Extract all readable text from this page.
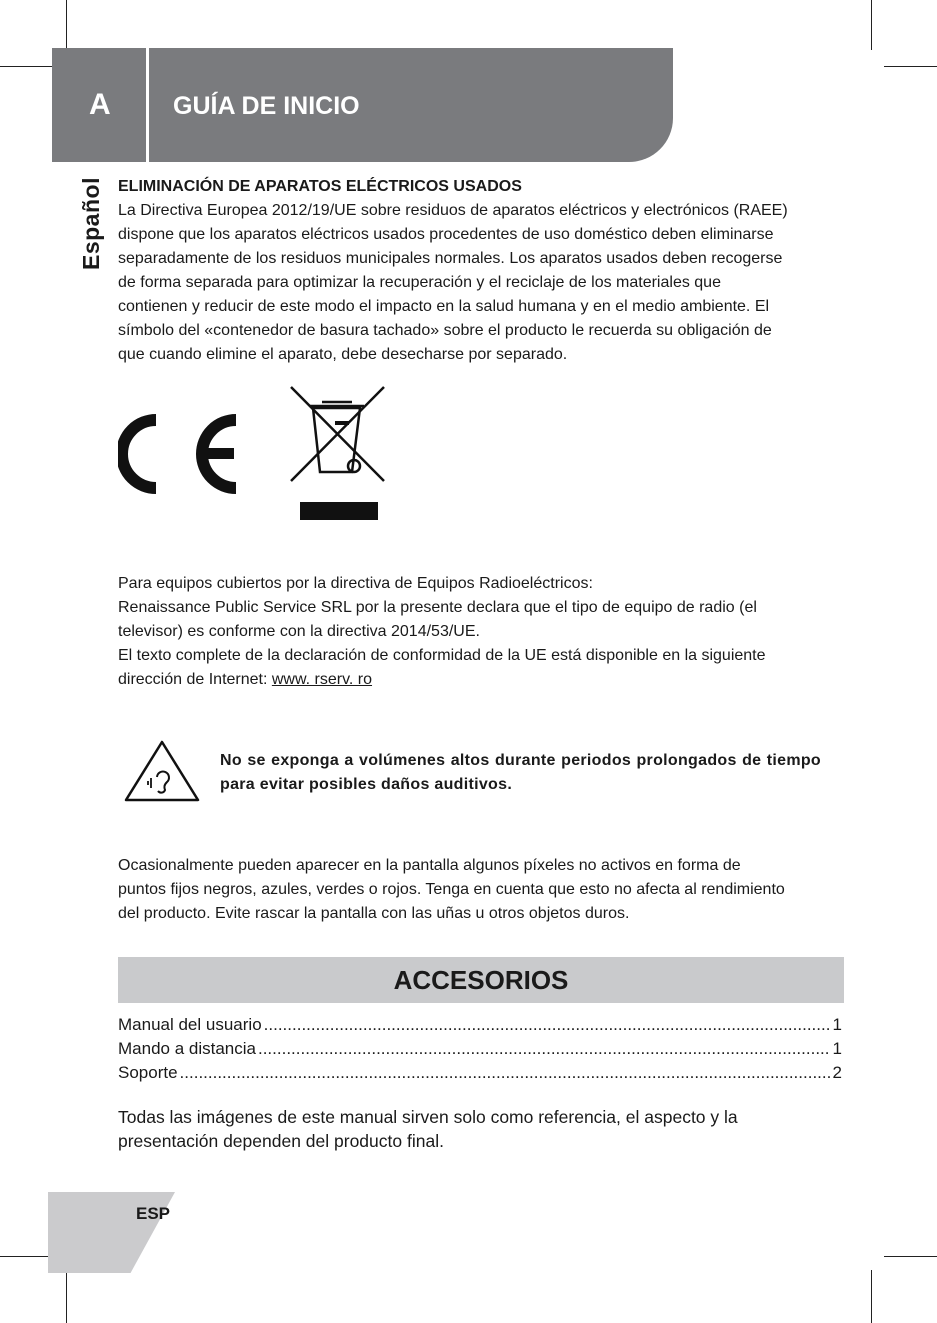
A GUÍA DE INICIO
Español ELIMINACIÓN DE APARATOS ELÉCTRICOS USADOS
La Directiva Europea 2012/19/UE sobre residuos de aparatos eléctricos y electrónicos (RAEE)
dispone que los aparatos eléctricos usados procedentes de uso doméstico deben eliminarse
separadamente de los residuos municipales normales. Los aparatos usados deben recogerse
de forma separada para optimizar la recuperación y el reciclaje de los materiales que
contienen y reducir de este modo el impacto en la salud humana y en el medio ambiente. El
símbolo del «contenedor de basura tachado» sobre el producto le recuerda su obligación de
que cuando elimine el aparato, debe desecharse por separado.
Para equipos cubiertos por la directiva de Equipos Radioeléctricos:
Renaissance Public Service SRL por la presente declara que el tipo de equipo de radio (el
televisor) es conforme con la directiva 2014/53/UE.
El texto complete de la declaración de conformidad de la UE está disponible en la siguiente
dirección de Internet: www. rserv. ro
No se exponga a volúmenes altos durante periodos prolongados de tiempo para evitar posibles daños auditivos.
Ocasionalmente pueden aparecer en la pantalla algunos píxeles no activos en forma de
puntos fijos negros, azules, verdes o rojos. Tenga en cuenta que esto no afecta al rendimiento
del producto. Evite rascar la pantalla con las uñas u otros objetos duros.
ACCESORIOS
Manual del usuario .....	1
Mando a distancia .....	1
Soporte .....	2
Todas las imágenes de este manual sirven solo como referencia, el aspecto y la
presentación dependen del producto final.
ESP
